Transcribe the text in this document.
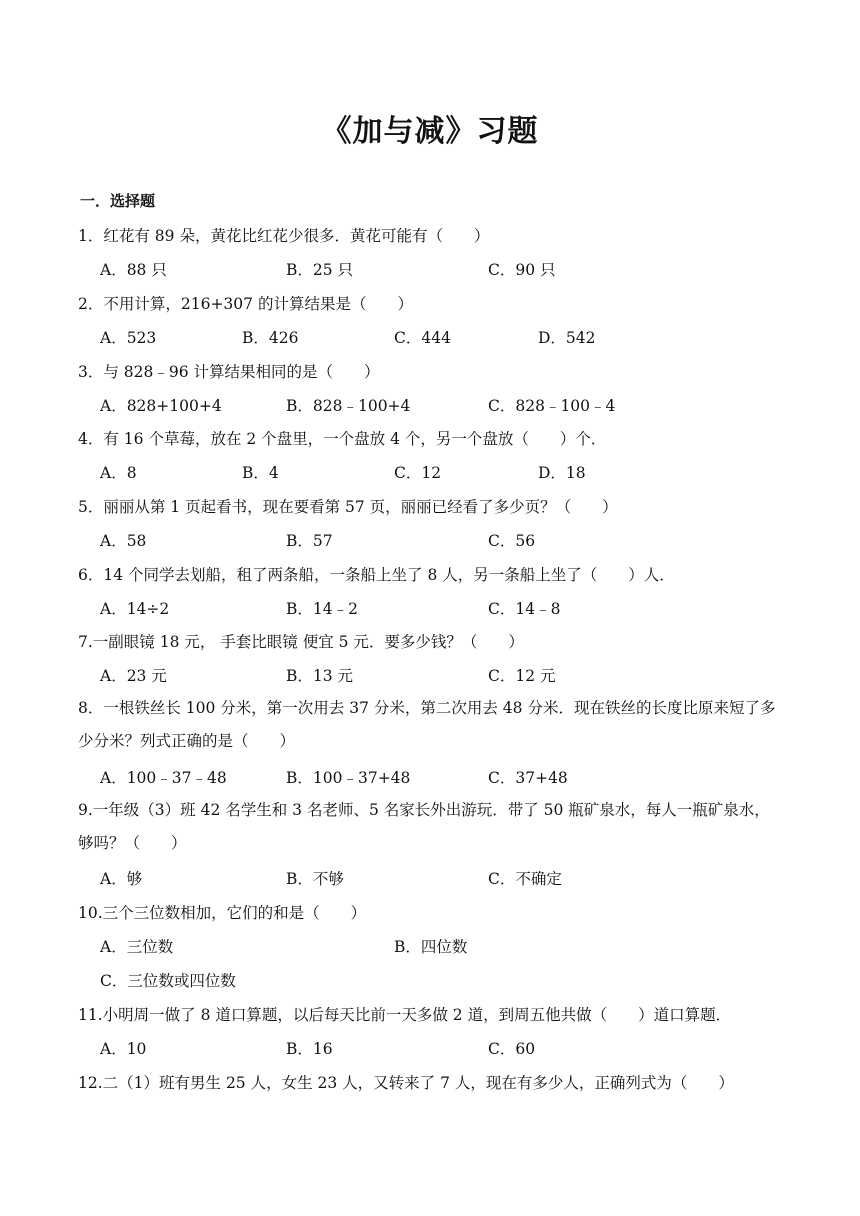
《加与减》习题
一．选择题
1．红花有 89 朵，黄花比红花少很多．黄花可能有（　　）
A．88 只	B．25 只	C．90 只
2．不用计算，216+307 的计算结果是（　　）
A．523	B．426	C．444	D．542
3．与 828﹣96 计算结果相同的是（　　）
A．828+100+4	B．828﹣100+4	C．828﹣100﹣4
4．有 16 个草莓，放在 2 个盘里，一个盘放 4 个，另一个盘放（　　）个．
A．8	B．4	C．12	D．18
5．丽丽从第 1 页起看书，现在要看第 57 页，丽丽已经看了多少页？（　　）
A．58	B．57	C．56
6．14 个同学去划船，租了两条船，一条船上坐了 8 人，另一条船上坐了（　　）人．
A．14÷2	B．14﹣2	C．14﹣8
7.一副眼镜 18 元， 手套比眼镜 便宜 5 元．要多少钱？（　　）
A．23 元	B．13 元	C．12 元
8．一根铁丝长 100 分米，第一次用去 37 分米，第二次用去 48 分米．现在铁丝的长度比原来短了多少分米？列式正确的是（　　）
A．100﹣37﹣48	B．100﹣37+48	C．37+48
9.一年级（3）班 42 名学生和 3 名老师、5 名家长外出游玩．带了 50 瓶矿泉水，每人一瓶矿泉水，够吗？（　　）
A．够	B．不够	C．不确定
10.三个三位数相加，它们的和是（　　）
A．三位数	B．四位数
C．三位数或四位数
11.小明周一做了 8 道口算题，以后每天比前一天多做 2 道，到周五他共做（　　）道口算题．
A．10	B．16	C．60
12.二（1）班有男生 25 人，女生 23 人，又转来了 7 人，现在有多少人，正确列式为（　　）
